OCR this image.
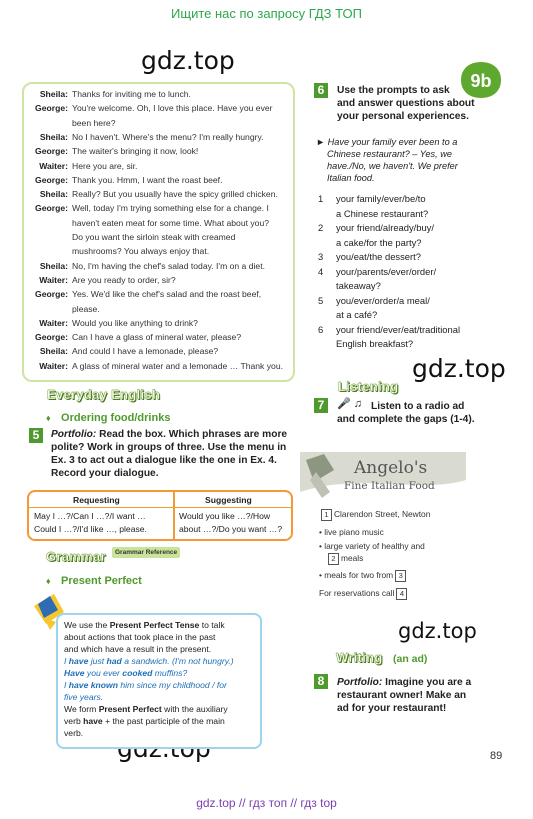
Ищите нас по запросу ГДЗ ТОП
gdz.top
gdz.top
gdz.top
Sheila: Thanks for inviting me to lunch.
George: You're welcome. Oh, I love this place. Have you ever
been here?
Sheila: No I haven't. Where's the menu? I'm really hungry.
George: The waiter's bringing it now, look!
Waiter: Here you are, sir.
George: Thank you. Hmm, I want the roast beef.
Sheila: Really? But you usually have the spicy grilled chicken.
George: Well, today I'm trying something else for a change. I
haven't eaten meat for some time. What about you?
Do you want the sirloin steak with creamed
mushrooms? You always enjoy that.
Sheila: No, I'm having the chef's salad today. I'm on a diet.
Waiter: Are you ready to order, sir?
George: Yes. We'd like the chef's salad and the roast beef,
please.
Waiter: Would you like anything to drink?
George: Can I have a glass of mineral water, please?
Sheila: And could I have a lemonade, please?
Waiter: A glass of mineral water and a lemonade … Thank you.
Everyday English
♦ Ordering food/drinks
5	Portfolio: Read the box. Which phrases are more
polite? Work in groups of three. Use the menu in
Ex. 3 to act out a dialogue like the one in Ex. 4.
Record your dialogue.
Requesting	Suggesting
May I …?/Can I …?/I want …	Would you like …?/How
Could I …?/I'd like …, please.	about …?/Do you want …?
Grammar	Grammar Reference
♦ Present Perfect
We use the Present Perfect Tense to talk
about actions that took place in the past
and which have a result in the present.
I have just had a sandwich. (I'm not hungry.)
Have you ever cooked muffins?
I have known him since my childhood / for
five years.
We form Present Perfect with the auxiliary
verb have + the past participle of the main
verb.
9b
6	Use the prompts to ask
and answer questions about
your personal experiences.
► Have your family ever been to a
Chinese restaurant? – Yes, we
have./No, we haven't. We prefer
Italian food.
1 your family/ever/be/to
a Chinese restaurant?
2 your friend/already/buy/
a cake/for the party?
3 you/eat/the dessert?
4 your/parents/ever/order/
takeaway?
5 you/ever/order/a meal/
at a café?
6 your friend/ever/eat/traditional
English breakfast?
Listening
7	🎤 ♫ Listen to a radio ad
and complete the gaps (1-4).
Angelo's
Fine Italian Food
1 Clarendon Street, Newton
• live piano music
• large variety of healthy and
2 meals
• meals for two from 3
For reservations call 4
Writing (an ad)
8	Portfolio: Imagine you are a
restaurant owner! Make an
ad for your restaurant!
89
gdz.top // гдз топ // гдз top
